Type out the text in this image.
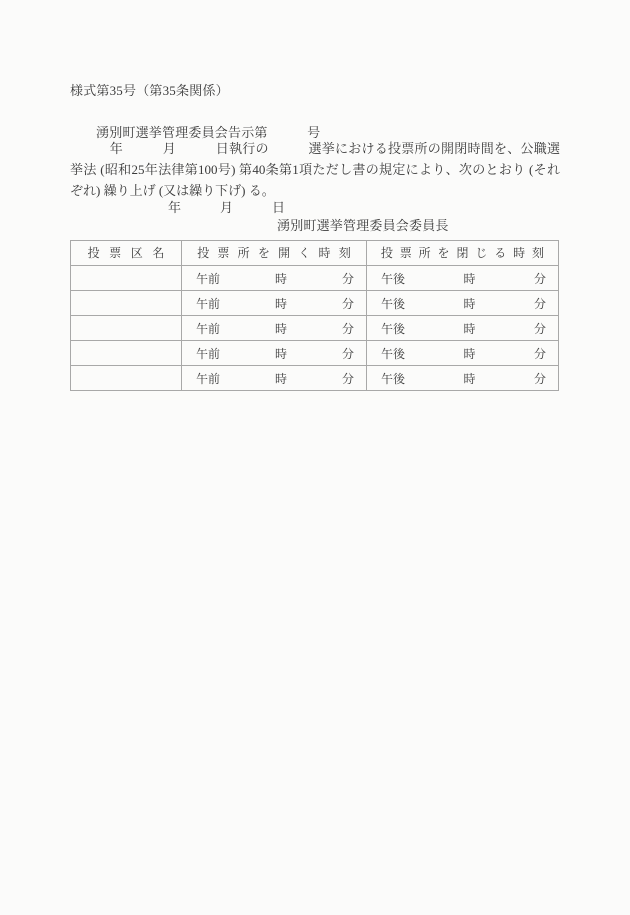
様式第35号（第35条関係）
湧別町選挙管理委員会告示第　　　号
　　　年　　　月　　　日執行の　　　選挙における投票所の開閉時間を、公職選挙法 (昭和25年法律第100号) 第40条第1項ただし書の規定により、次のとおり (それぞれ) 繰り上げ (又は繰り下げ) る。
年　　　月　　　日
湧別町選挙管理委員会委員長
投 票 区 名	投 票 所 を 開 く 時 刻	投 票 所 を 閉 じ る 時 刻

	午前 時 分	午後 時 分

	午前 時 分	午後 時 分

	午前 時 分	午後 時 分

	午前 時 分	午後 時 分

	午前 時 分	午後 時 分
